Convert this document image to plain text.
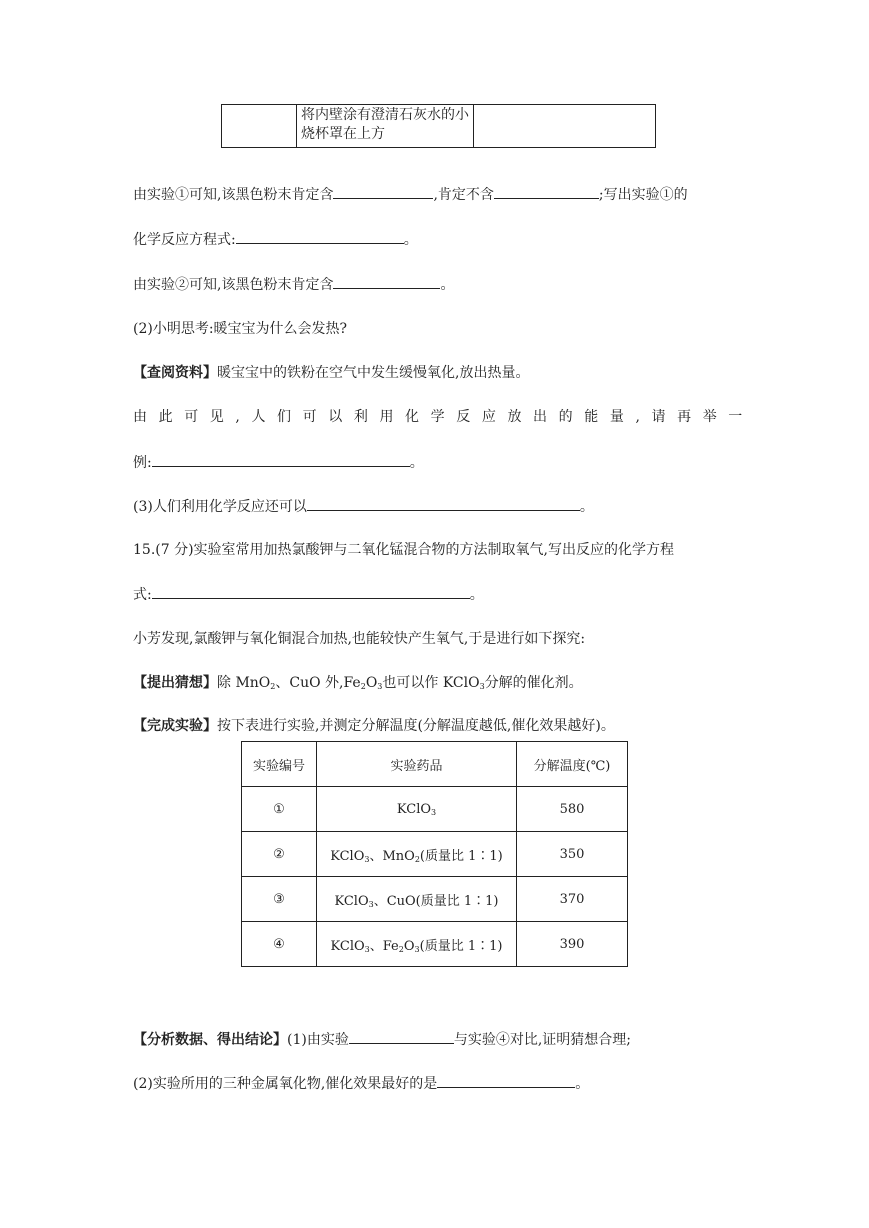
	将内壁涂有澄清石灰水的小烧杯罩在上方	
由实验①可知,该黑色粉末肯定含	,肯定不含	;写出实验①的
化学反应方程式:	。
由实验②可知,该黑色粉末肯定含	。
(2)小明思考:暖宝宝为什么会发热?
【查阅资料】暖宝宝中的铁粉在空气中发生缓慢氧化,放出热量。
由此可见,人们可以利用化学反应放出的能量,请再举一
例:	。
(3)人们利用化学反应还可以	。
15.(7 分)实验室常用加热氯酸钾与二氧化锰混合物的方法制取氧气,写出反应的化学方程
式:	。
小芳发现,氯酸钾与氧化铜混合加热,也能较快产生氧气,于是进行如下探究:
【提出猜想】除 MnO$_2$、CuO 外$,Fe_2O_3$也可以作 KClO$_3$分解的催化剂。
【完成实验】按下表进行实验,并测定分解温度(分解温度越低,催化效果越好)。
实验编号	实验药品	分解温度(℃)
①	KClO$_3$	580
②	KClO$_3$、MnO$_2$(质量比 1∶1)	350
③	KClO$_3$、CuO(质量比 1∶1)	370
④	KClO$_3$、$Fe_2O_3$(质量比 1∶1)	390
【分析数据、得出结论】(1)由实验	与实验④对比,证明猜想合理;
(2)实验所用的三种金属氧化物,催化效果最好的是	。
